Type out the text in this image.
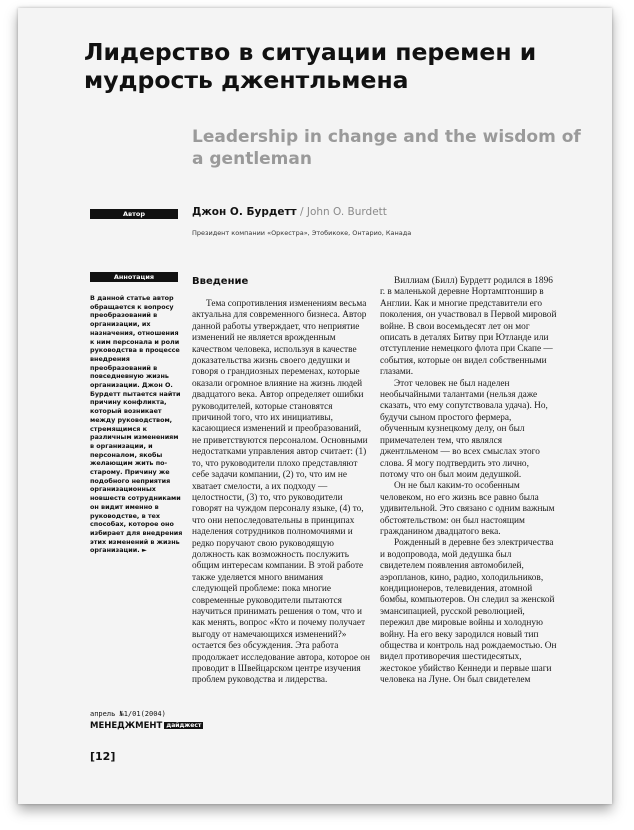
Лидерство в ситуации перемен и мудрость джентльмена
Leadership in change and the wisdom of a gentleman
Автор	Джон О. Бурдетт / John O. Burdett
Президент компании «Оркестра», Этобикоке, Онтарио, Канада
Аннотация

В данной статье автор обращается к вопросу преобразований в организации, их назначения, отношения к ним персонала и роли руководства в процессе внедрения преобразований в повседневную жизнь организации. Джон О. Бурдетт пытается найти причину конфликта, который возникает между руководством, стремящимся к различным изменениям в организации, и персоналом, якобы желающим жить по-старому. Причину же подобного неприятия организационных новшеств сотрудниками он видит именно в руководстве, в тех способах, которое оно избирает для внедрения этих изменений в жизнь организации. ►

апрель №1/01(2004)
МЕНЕДЖМЕНТ дайджест
[12]
Введение

Тема сопротивления изменениям весьма актуальна для современного бизнеса. Автор данной работы утверждает, что неприятие изменений не является врожденным качеством человека, используя в качестве доказательства жизнь своего дедушки и говоря о грандиозных переменах, которые оказали огромное влияние на жизнь людей двадцатого века. Автор определяет ошибки руководителей, которые становятся причиной того, что их инициативы, касающиеся изменений и преобразований, не приветствуются персоналом. Основными недостатками управления автор считает: (1) то, что руководители плохо представляют себе задачи компании, (2) то, что им не хватает смелости, а их подходу — целостности, (3) то, что руководители говорят на чуждом персоналу языке, (4) то, что они непоследовательны в принципах наделения сотрудников полномочиями и редко поручают свою руководящую должность как возможность послужить общим интересам компании. В этой работе также уделяется много внимания следующей проблеме: пока многие современные руководители пытаются научиться принимать решения о том, что и как менять, вопрос «Кто и почему получает выгоду от намечающихся изменений?» остается без обсуждения. Эта работа продолжает исследование автора, которое он проводит в Швейцарском центре изучения проблем руководства и лидерства.

Виллиам (Билл) Бурдетт родился в 1896 г. в маленькой деревне Нортамптоншир в Англии. Как и многие представители его поколения, он участвовал в Первой мировой войне. В свои восемьдесят лет он мог описать в деталях Битву при Ютланде или отступление немецкого флота при Скапе — события, которые он видел собственными глазами.

Этот человек не был наделен необычайными талантами (нельзя даже сказать, что ему сопутствовала удача). Но, будучи сыном простого фермера, обученным кузнецкому делу, он был примечателен тем, что являлся джентльменом — во всех смыслах этого слова. Я могу подтвердить это лично, потому что он был моим дедушкой.

Он не был каким-то особенным человеком, но его жизнь все равно была удивительной. Это связано с одним важным обстоятельством: он был настоящим гражданином двадцатого века.

Рожденный в деревне без электричества и водопровода, мой дедушка был свидетелем появления автомобилей, аэропланов, кино, радио, холодильников, кондиционеров, телевидения, атомной бомбы, компьютеров. Он следил за женской эмансипацией, русской революцией, пережил две мировые войны и холодную войну. На его веку зародился новый тип общества и контроль над рождаемостью. Он видел противоречия шестидесятых, жестокое убийство Кеннеди и первые шаги человека на Луне. Он был свидетелем
